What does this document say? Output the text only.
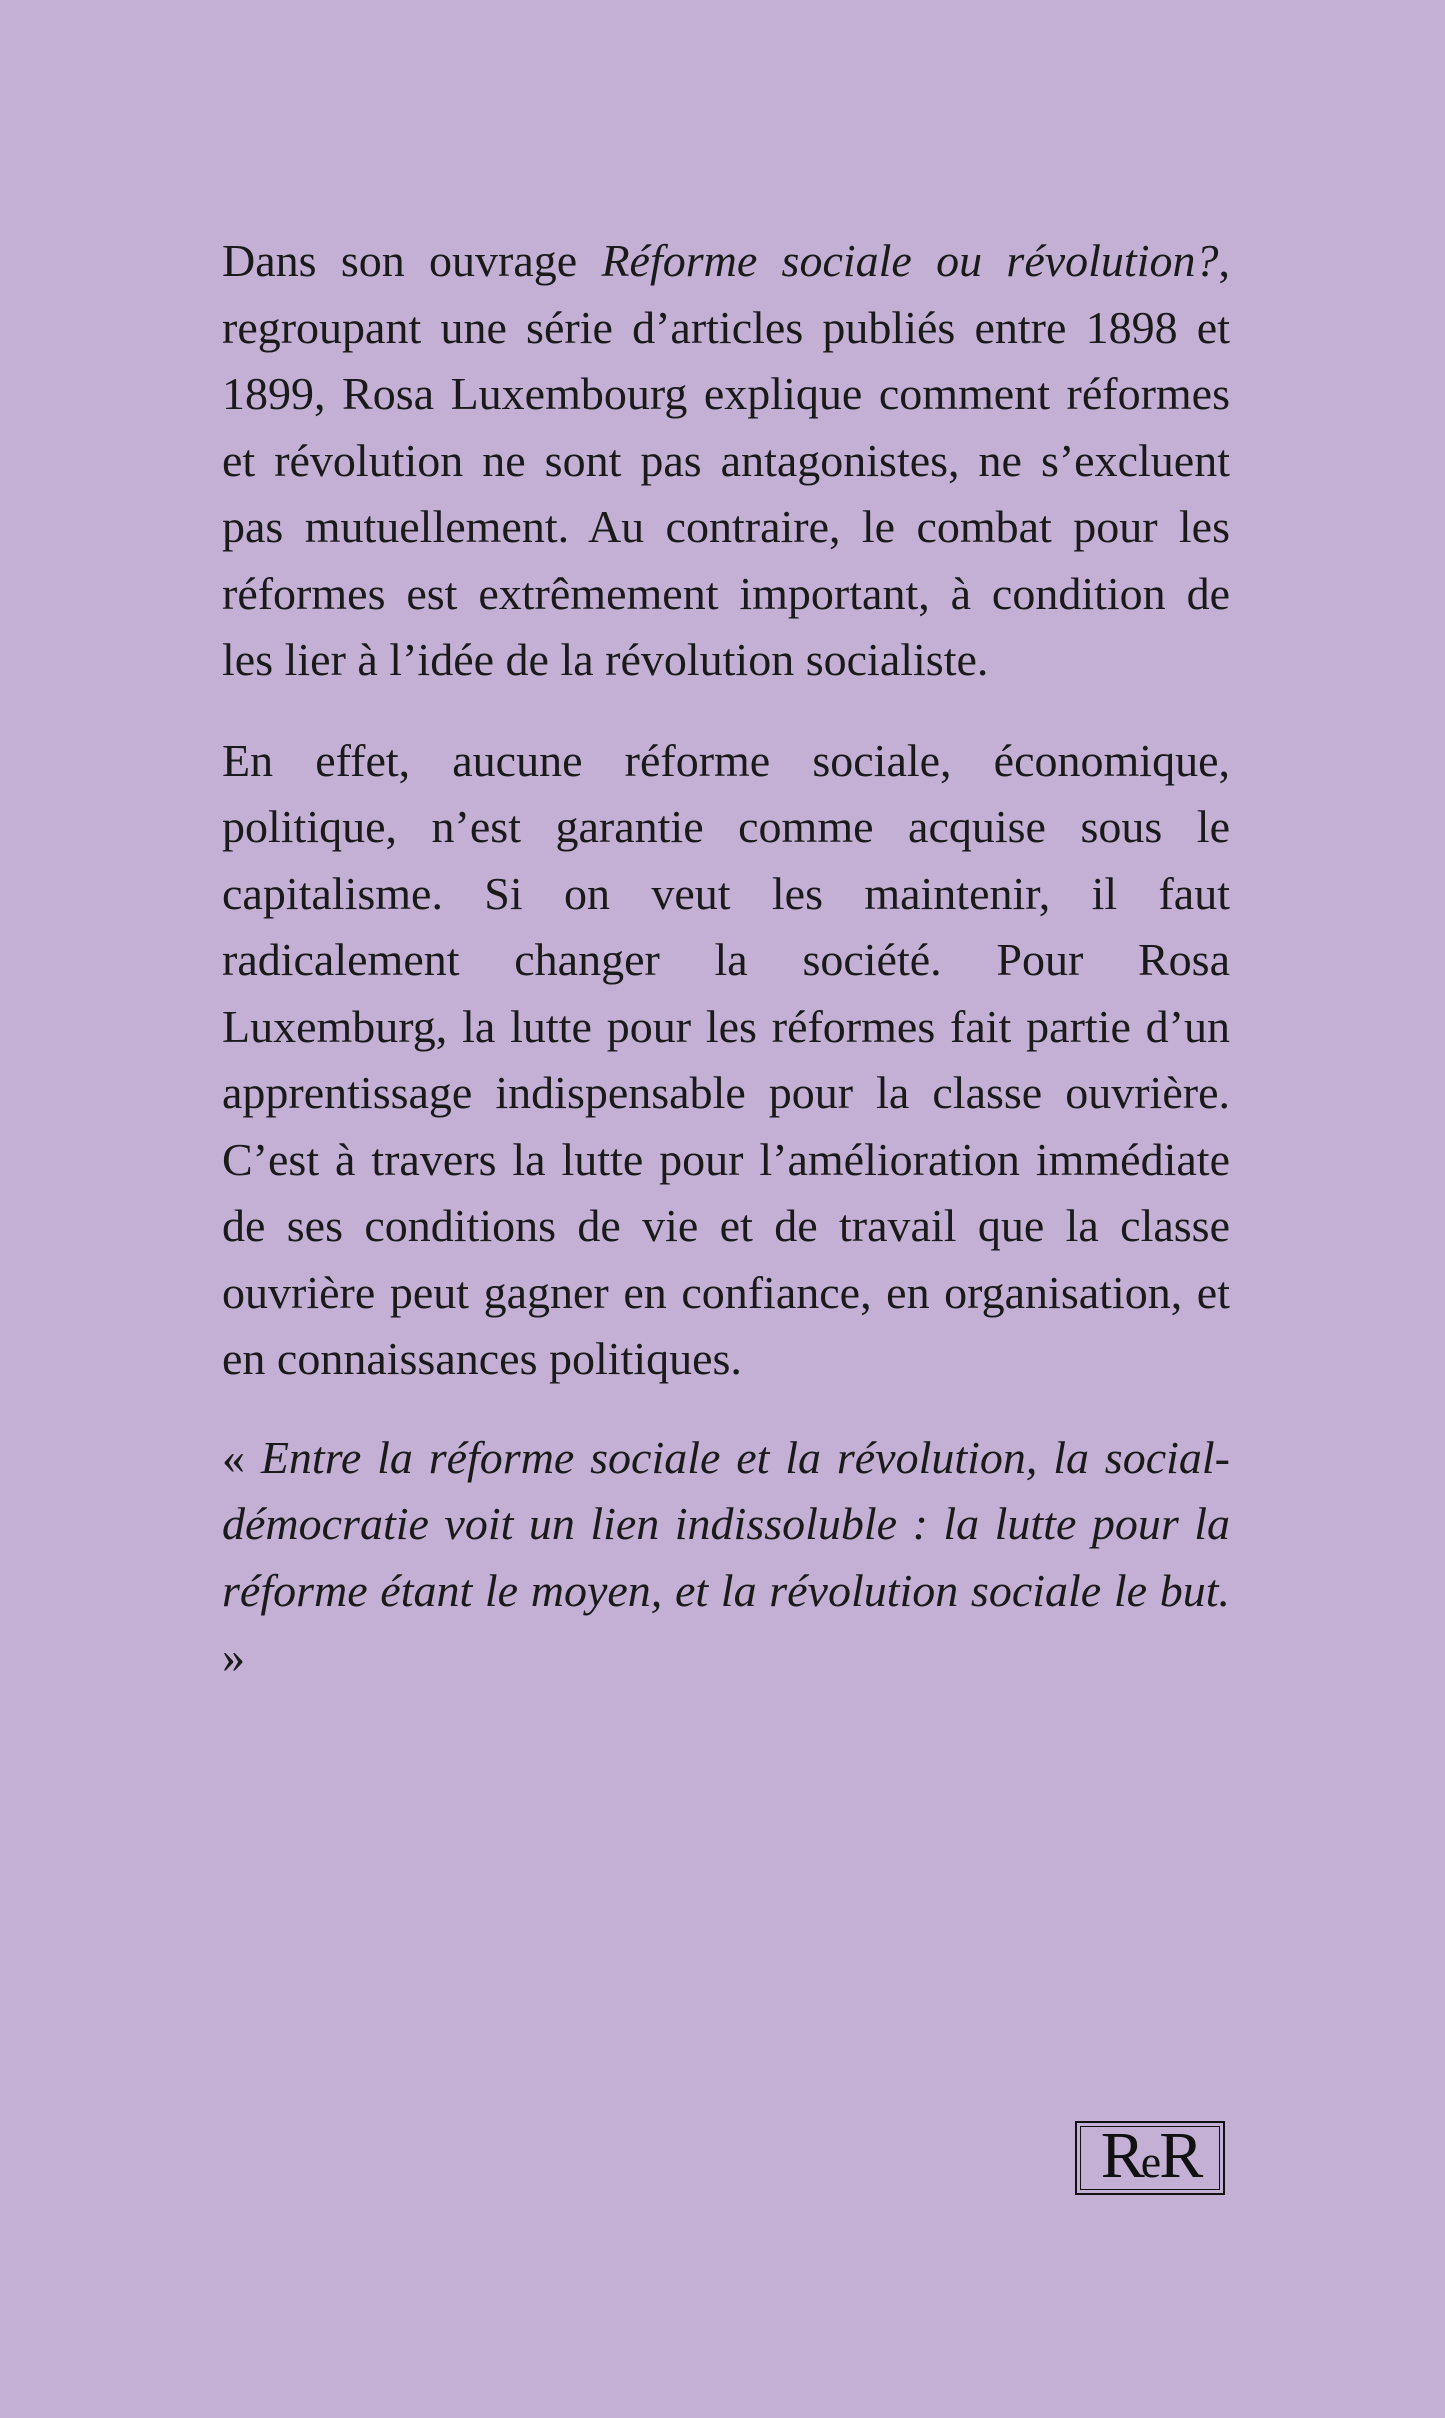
Dans son ouvrage Réforme sociale ou révolution?, regroupant une série d’articles publiés entre 1898 et 1899, Rosa Luxembourg explique comment réformes et révolution ne sont pas antagonistes, ne s’excluent pas mutuellement. Au contraire, le combat pour les réformes est extrêmement important, à condition de les lier à l’idée de la révolution socialiste.

En effet, aucune réforme sociale, économique, politique, n’est garantie comme acquise sous le capitalisme. Si on veut les maintenir, il faut radicalement changer la société. Pour Rosa Luxemburg, la lutte pour les réformes fait partie d’un apprentissage indispensable pour la classe ouvrière. C’est à travers la lutte pour l’amélioration immédiate de ses conditions de vie et de travail que la classe ouvrière peut gagner en confiance, en organisation, et en connaissances politiques.

« Entre la réforme sociale et la révolution, la social-démocratie voit un lien indissoluble : la lutte pour la réforme étant le moyen, et la révolution sociale le but. »

ReR
